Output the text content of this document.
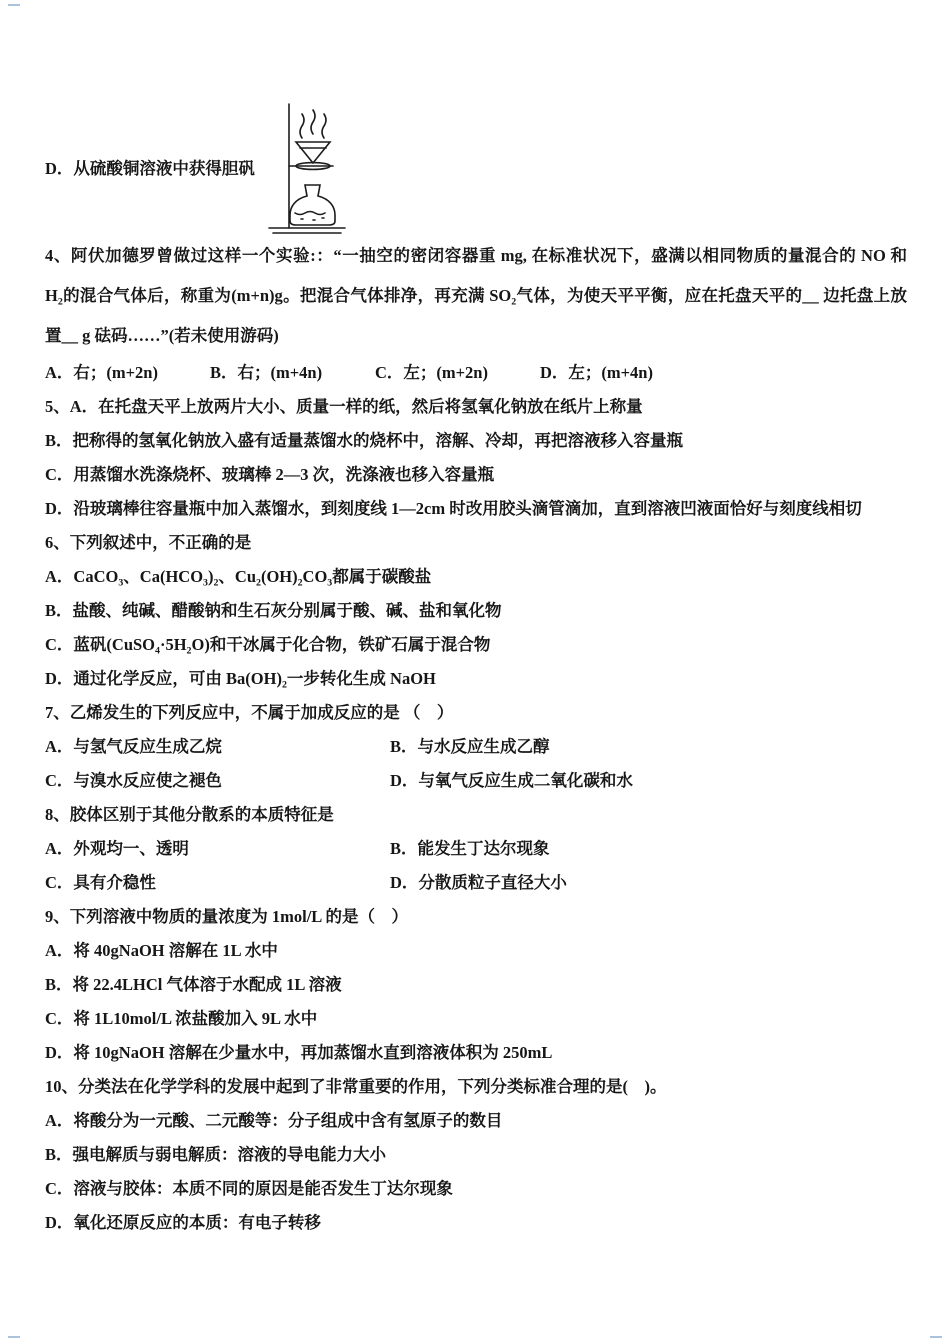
D．从硫酸铜溶液中获得胆矾
4、阿伏加德罗曾做过这样一个实验:：“一抽空的密闭容器重 mg, 在标准状况下，盛满以相同物质的量混合的 NO 和
H₂的混合气体后，称重为(m+n)g。把混合气体排净，再充满 SO₂气体，为使天平平衡，应在托盘天平的__ 边托盘上放
置__ g 砝码……”(若未使用游码)
A．右；(m+2n)	B．右；(m+4n)	C．左；(m+2n)	D．左；(m+4n)
5、A．在托盘天平上放两片大小、质量一样的纸，然后将氢氧化钠放在纸片上称量
B．把称得的氢氧化钠放入盛有适量蒸馏水的烧杯中，溶解、冷却，再把溶液移入容量瓶
C．用蒸馏水洗涤烧杯、玻璃棒 2—3 次，洗涤液也移入容量瓶
D．沿玻璃棒往容量瓶中加入蒸馏水，到刻度线 1—2cm 时改用胶头滴管滴加，直到溶液凹液面恰好与刻度线相切
6、下列叙述中，不正确的是
A．CaCO₃、Ca(HCO₃)₂、Cu₂(OH)₂CO₃都属于碳酸盐
B．盐酸、纯碱、醋酸钠和生石灰分别属于酸、碱、盐和氧化物
C．蓝矾(CuSO₄·5H₂O)和干冰属于化合物，铁矿石属于混合物
D．通过化学反应，可由 Ba(OH)₂一步转化生成 NaOH
7、乙烯发生的下列反应中，不属于加成反应的是 （　）
A．与氢气反应生成乙烷	B．与水反应生成乙醇
C．与溴水反应使之褪色	D．与氧气反应生成二氧化碳和水
8、胶体区别于其他分散系的本质特征是
A．外观均一、透明	B．能发生丁达尔现象
C．具有介稳性	D．分散质粒子直径大小
9、下列溶液中物质的量浓度为 1mol/L 的是（　）
A．将 40gNaOH 溶解在 1L 水中
B．将 22.4LHCl 气体溶于水配成 1L 溶液
C．将 1L10mol/L 浓盐酸加入 9L 水中
D．将 10gNaOH 溶解在少量水中，再加蒸馏水直到溶液体积为 250mL
10、分类法在化学学科的发展中起到了非常重要的作用，下列分类标准合理的是(　)。
A．将酸分为一元酸、二元酸等：分子组成中含有氢原子的数目
B．强电解质与弱电解质：溶液的导电能力大小
C．溶液与胶体：本质不同的原因是能否发生丁达尔现象
D．氧化还原反应的本质：有电子转移
